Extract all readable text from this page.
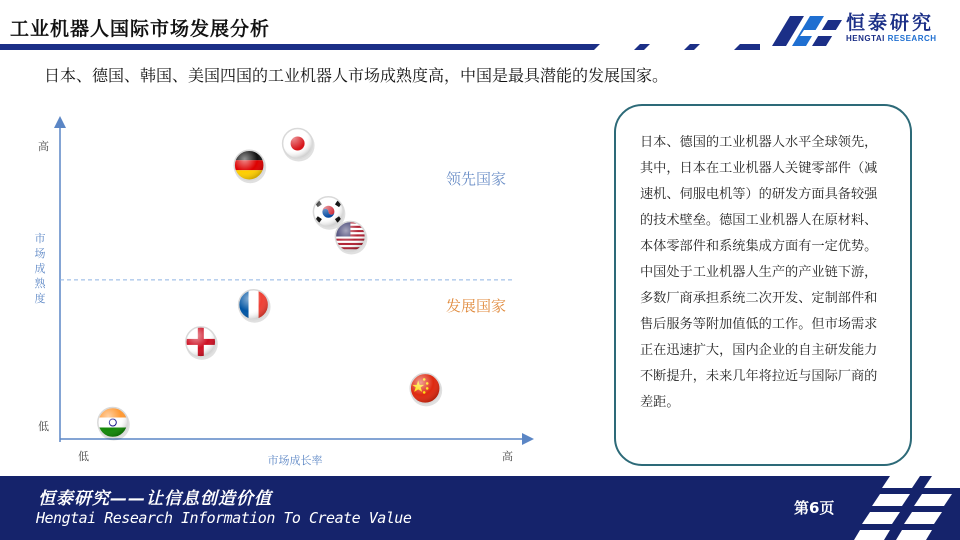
工业机器人国际市场发展分析	恒泰研究
HENGTAI RESEARCH
日本、德国、韩国、美国四国的工业机器人市场成熟度高，中国是最具潜能的发展国家。
高
低
低	高
市场成熟度
市场成长率
领先国家
发展国家

日本、德国的工业机器人水平全球领先，其中，日本在工业机器人关键零部件（减速机、伺服电机等）的研发方面具备较强的技术壁垒。德国工业机器人在原材料、本体零部件和系统集成方面有一定优势。

中国处于工业机器人生产的产业链下游，多数厂商承担系统二次开发、定制部件和售后服务等附加值低的工作。但市场需求正在迅速扩大，国内企业的自主研发能力不断提升，未来几年将拉近与国际厂商的差距。

恒泰研究——让信息创造价值
Hengtai Research Information To Create Value
第6页
